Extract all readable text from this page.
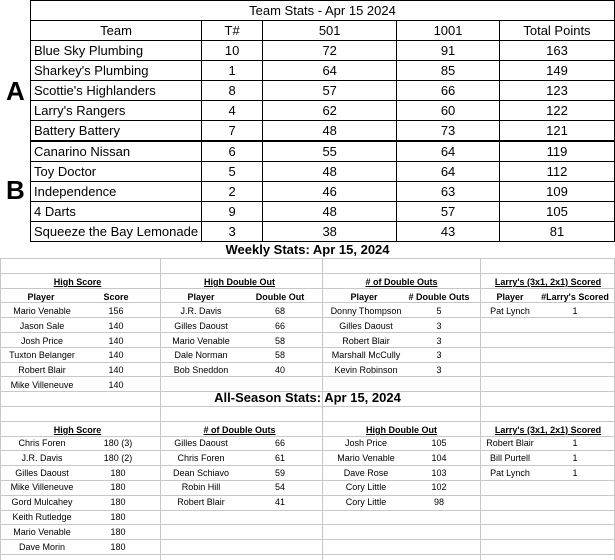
A
B
Team Stats - Apr 15 2024				
Team	T#	501	1001	Total Points
Blue Sky Plumbing	10	72	91	163
Sharkey's Plumbing	1	64	85	149
Scottie's Highlanders	8	57	66	123
Larry's Rangers	4	62	60	122
Battery Battery	7	48	73	121
Canarino Nissan	6	55	64	119
Toy Doctor	5	48	64	112
Independence	2	46	63	109
4 Darts	9	48	57	105
Squeeze the Bay Lemonade	3	38	43	81
Weekly Stats: Apr 15, 2024
High Score
Player	Score
Mario Venable	156
Jason Sale	140
Josh Price	140
Tuxton Belanger	140
Robert Blair	140
Mike Villeneuve	140
High Double Out
Player	Double Out
J.R. Davis	68
Gilles Daoust	66
Mario Venable	58
Dale Norman	58
Bob Sneddon	40
# of Double Outs
Player	# Double Outs
Donny Thompson	5
Gilles Daoust	3
Robert Blair	3
Marshall McCully	3
Kevin Robinson	3
Larry's (3x1, 2x1) Scored
Player	#Larry's Scored
Pat Lynch	1
All-Season Stats: Apr 15, 2024
High Score
Chris Foren	180 (3)
J.R. Davis	180 (2)
Gilles Daoust	180
Mike Villeneuve	180
Gord Mulcahey	180
Keith Rutledge	180
Mario Venable	180
Dave Morin	180
# of Double Outs
Gilles Daoust	66
Chris Foren	61
Dean Schiavo	59
Robin Hill	54
Robert Blair	41
High Double Out
Josh Price	105
Mario Venable	104
Dave Rose	103
Cory Little	102
Cory Little	98
Larry's (3x1, 2x1) Scored
Robert Blair	1
Bill Purtell	1
Pat Lynch	1
